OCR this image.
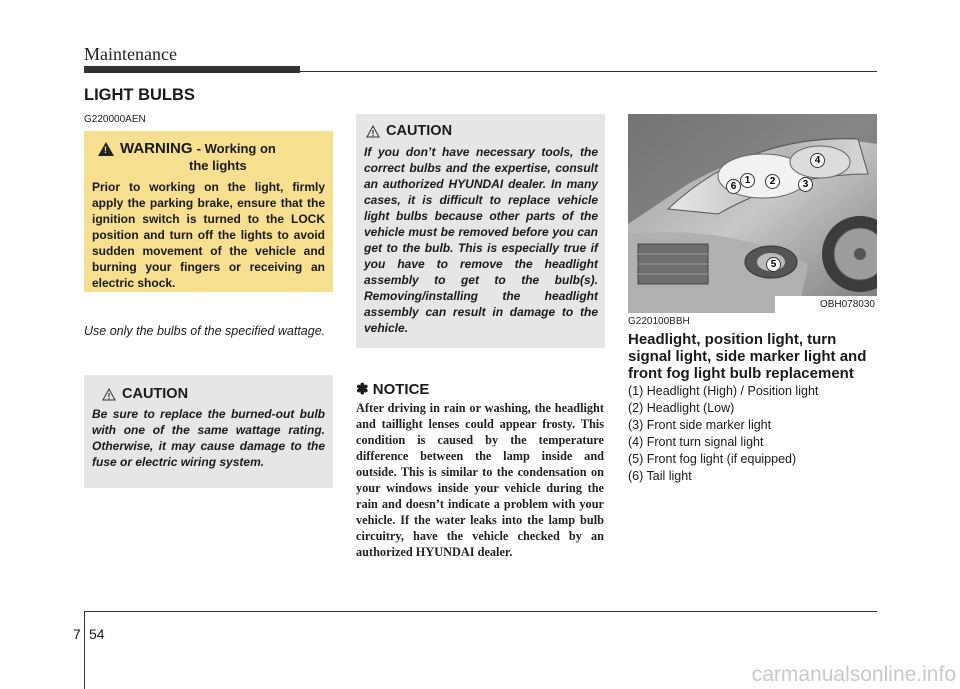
Maintenance
LIGHT BULBS
G220000AEN
!WARNING - Working on
the lights
Prior to working on the light, firmly apply the parking brake, ensure that the ignition switch is turned to the LOCK position and turn off the lights to avoid sudden movement of the vehicle and burning your fingers or receiving an electric shock.
Use only the bulbs of the specified wattage.
CAUTION
Be sure to replace the burned-out bulb with one of the same wattage rating. Otherwise, it may cause damage to the fuse or electric wiring system.
CAUTION
If you don’t have necessary tools, the correct bulbs and the expertise, consult an authorized HYUNDAI dealer. In many cases, it is difficult to replace vehicle light bulbs because other parts of the vehicle must be removed before you can get to the bulb. This is especially true if you have to remove the headlight assembly to get to the bulb(s). Removing/installing the headlight assembly can result in damage to the vehicle.
✽ NOTICE
After driving in rain or washing, the headlight and taillight lenses could appear frosty. This condition is caused by the temperature difference between the lamp inside and outside. This is similar to the condensation on your windows inside your vehicle during the rain and doesn’t indicate a problem with your vehicle. If the water leaks into the lamp bulb circuitry, have the vehicle checked by an authorized HYUNDAI dealer.
1	2	3
4
5
6
OBH078030
G220100BBH
Headlight, position light, turn signal light, side marker light and front fog light bulb replacement
(1) Headlight (High) / Position light
(2) Headlight (Low)
(3) Front side marker light
(4) Front turn signal light
(5) Front fog light (if equipped)
(6) Tail light
7 54
carmanualsonline.info
